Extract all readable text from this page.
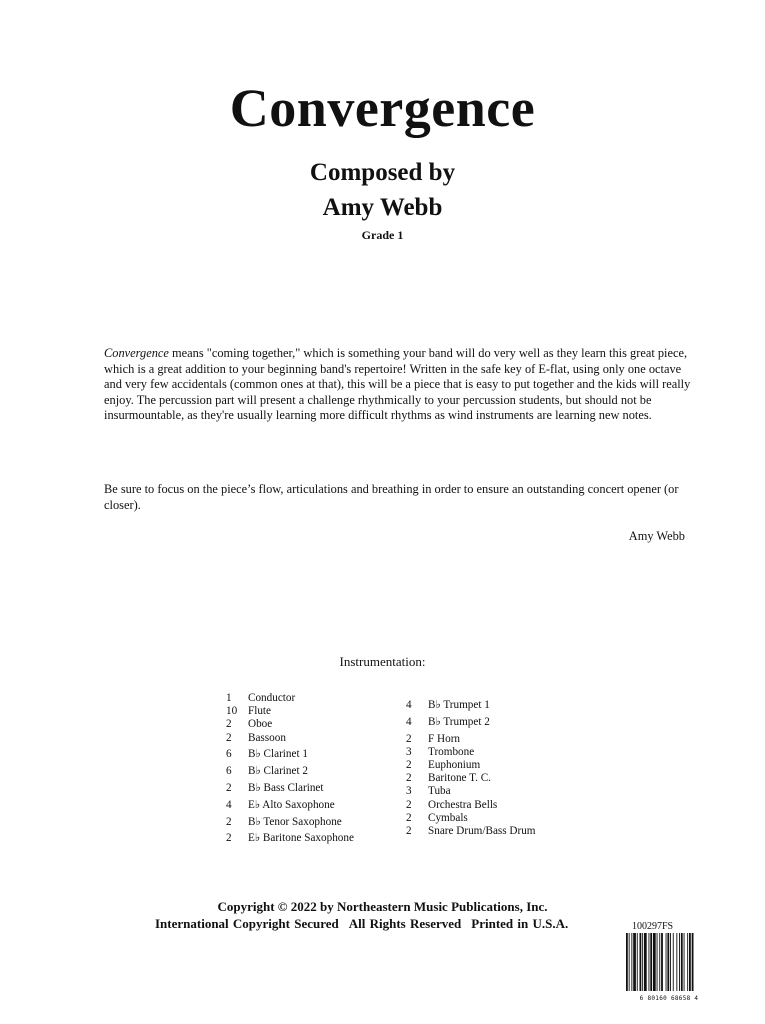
Convergence
Composed by
Amy Webb
Grade 1
Convergence means "coming together," which is something your band will do very well as they learn this great piece, which is a great addition to your beginning band's repertoire! Written in the safe key of E-flat, using only one octave and very few accidentals (common ones at that), this will be a piece that is easy to put together and the kids will really enjoy. The percussion part will present a challenge rhythmically to your percussion students, but should not be insurmountable, as they're usually learning more difficult rhythms as wind instruments are learning new notes.
Be sure to focus on the piece’s flow, articulations and breathing in order to ensure an outstanding concert opener (or closer).
Amy Webb
Instrumentation:
1	Conductor
10 Flute
2	Oboe
2	Bassoon
6	B♭ Clarinet 1
6	B♭ Clarinet 2
2	B♭ Bass Clarinet
4	E♭ Alto Saxophone
2	B♭ Tenor Saxophone
2	E♭ Baritone Saxophone
4	B♭ Trumpet 1
4	B♭ Trumpet 2
2	F Horn
3	Trombone
2	Euphonium
2	Baritone T. C.
3	Tuba
2	Orchestra Bells
2	Cymbals
2	Snare Drum/Bass Drum
Copyright © 2022 by Northeastern Music Publications, Inc.
International Copyright Secured All Rights Reserved Printed in U.S.A.	100297FS
6 80160 68658 4
